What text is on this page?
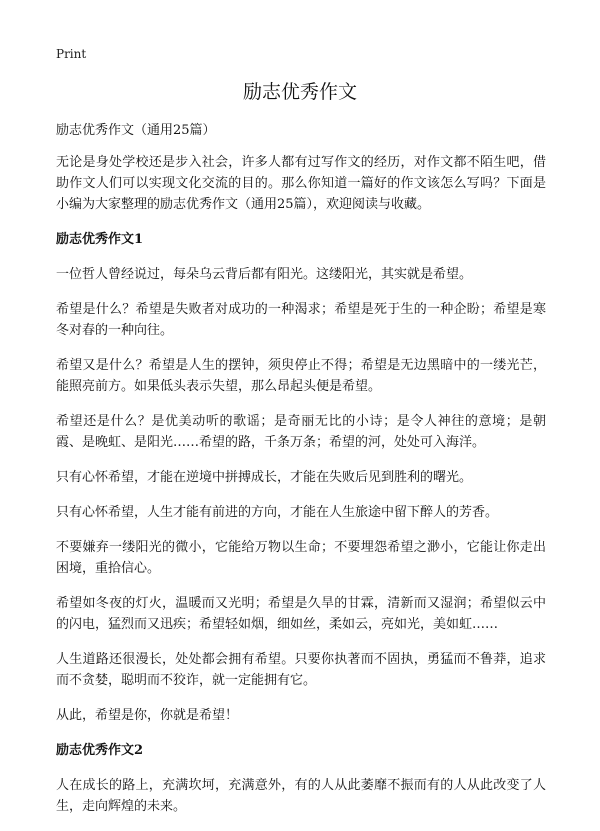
Print
励志优秀作文

励志优秀作文（通用25篇）

无论是身处学校还是步入社会，许多人都有过写作文的经历，对作文都不陌生吧，借助作文人们可以实现文化交流的目的。那么你知道一篇好的作文该怎么写吗？下面是小编为大家整理的励志优秀作文（通用25篇），欢迎阅读与收藏。

励志优秀作文1

一位哲人曾经说过，每朵乌云背后都有阳光。这缕阳光，其实就是希望。

希望是什么？希望是失败者对成功的一种渴求；希望是死于生的一种企盼；希望是寒冬对春的一种向往。

希望又是什么？希望是人生的摆钟，须臾停止不得；希望是无边黑暗中的一缕光芒，能照亮前方。如果低头表示失望，那么昂起头便是希望。

希望还是什么？是优美动听的歌谣；是奇丽无比的小诗；是令人神往的意境；是朝霞、是晚虹、是阳光……希望的路，千条万条；希望的河，处处可入海洋。

只有心怀希望，才能在逆境中拼搏成长，才能在失败后见到胜利的曙光。

只有心怀希望，人生才能有前进的方向，才能在人生旅途中留下醉人的芳香。

不要嫌弃一缕阳光的微小，它能给万物以生命；不要埋怨希望之渺小，它能让你走出困境，重拾信心。

希望如冬夜的灯火，温暖而又光明；希望是久旱的甘霖，清新而又湿润；希望似云中的闪电，猛烈而又迅疾；希望轻如烟，细如丝，柔如云，亮如光，美如虹……

人生道路还很漫长，处处都会拥有希望。只要你执著而不固执，勇猛而不鲁莽，追求而不贪婪，聪明而不狡诈，就一定能拥有它。

从此，希望是你，你就是希望！

励志优秀作文2

人在成长的路上，充满坎坷，充满意外，有的人从此萎靡不振而有的人从此改变了人生，走向辉煌的未来。
